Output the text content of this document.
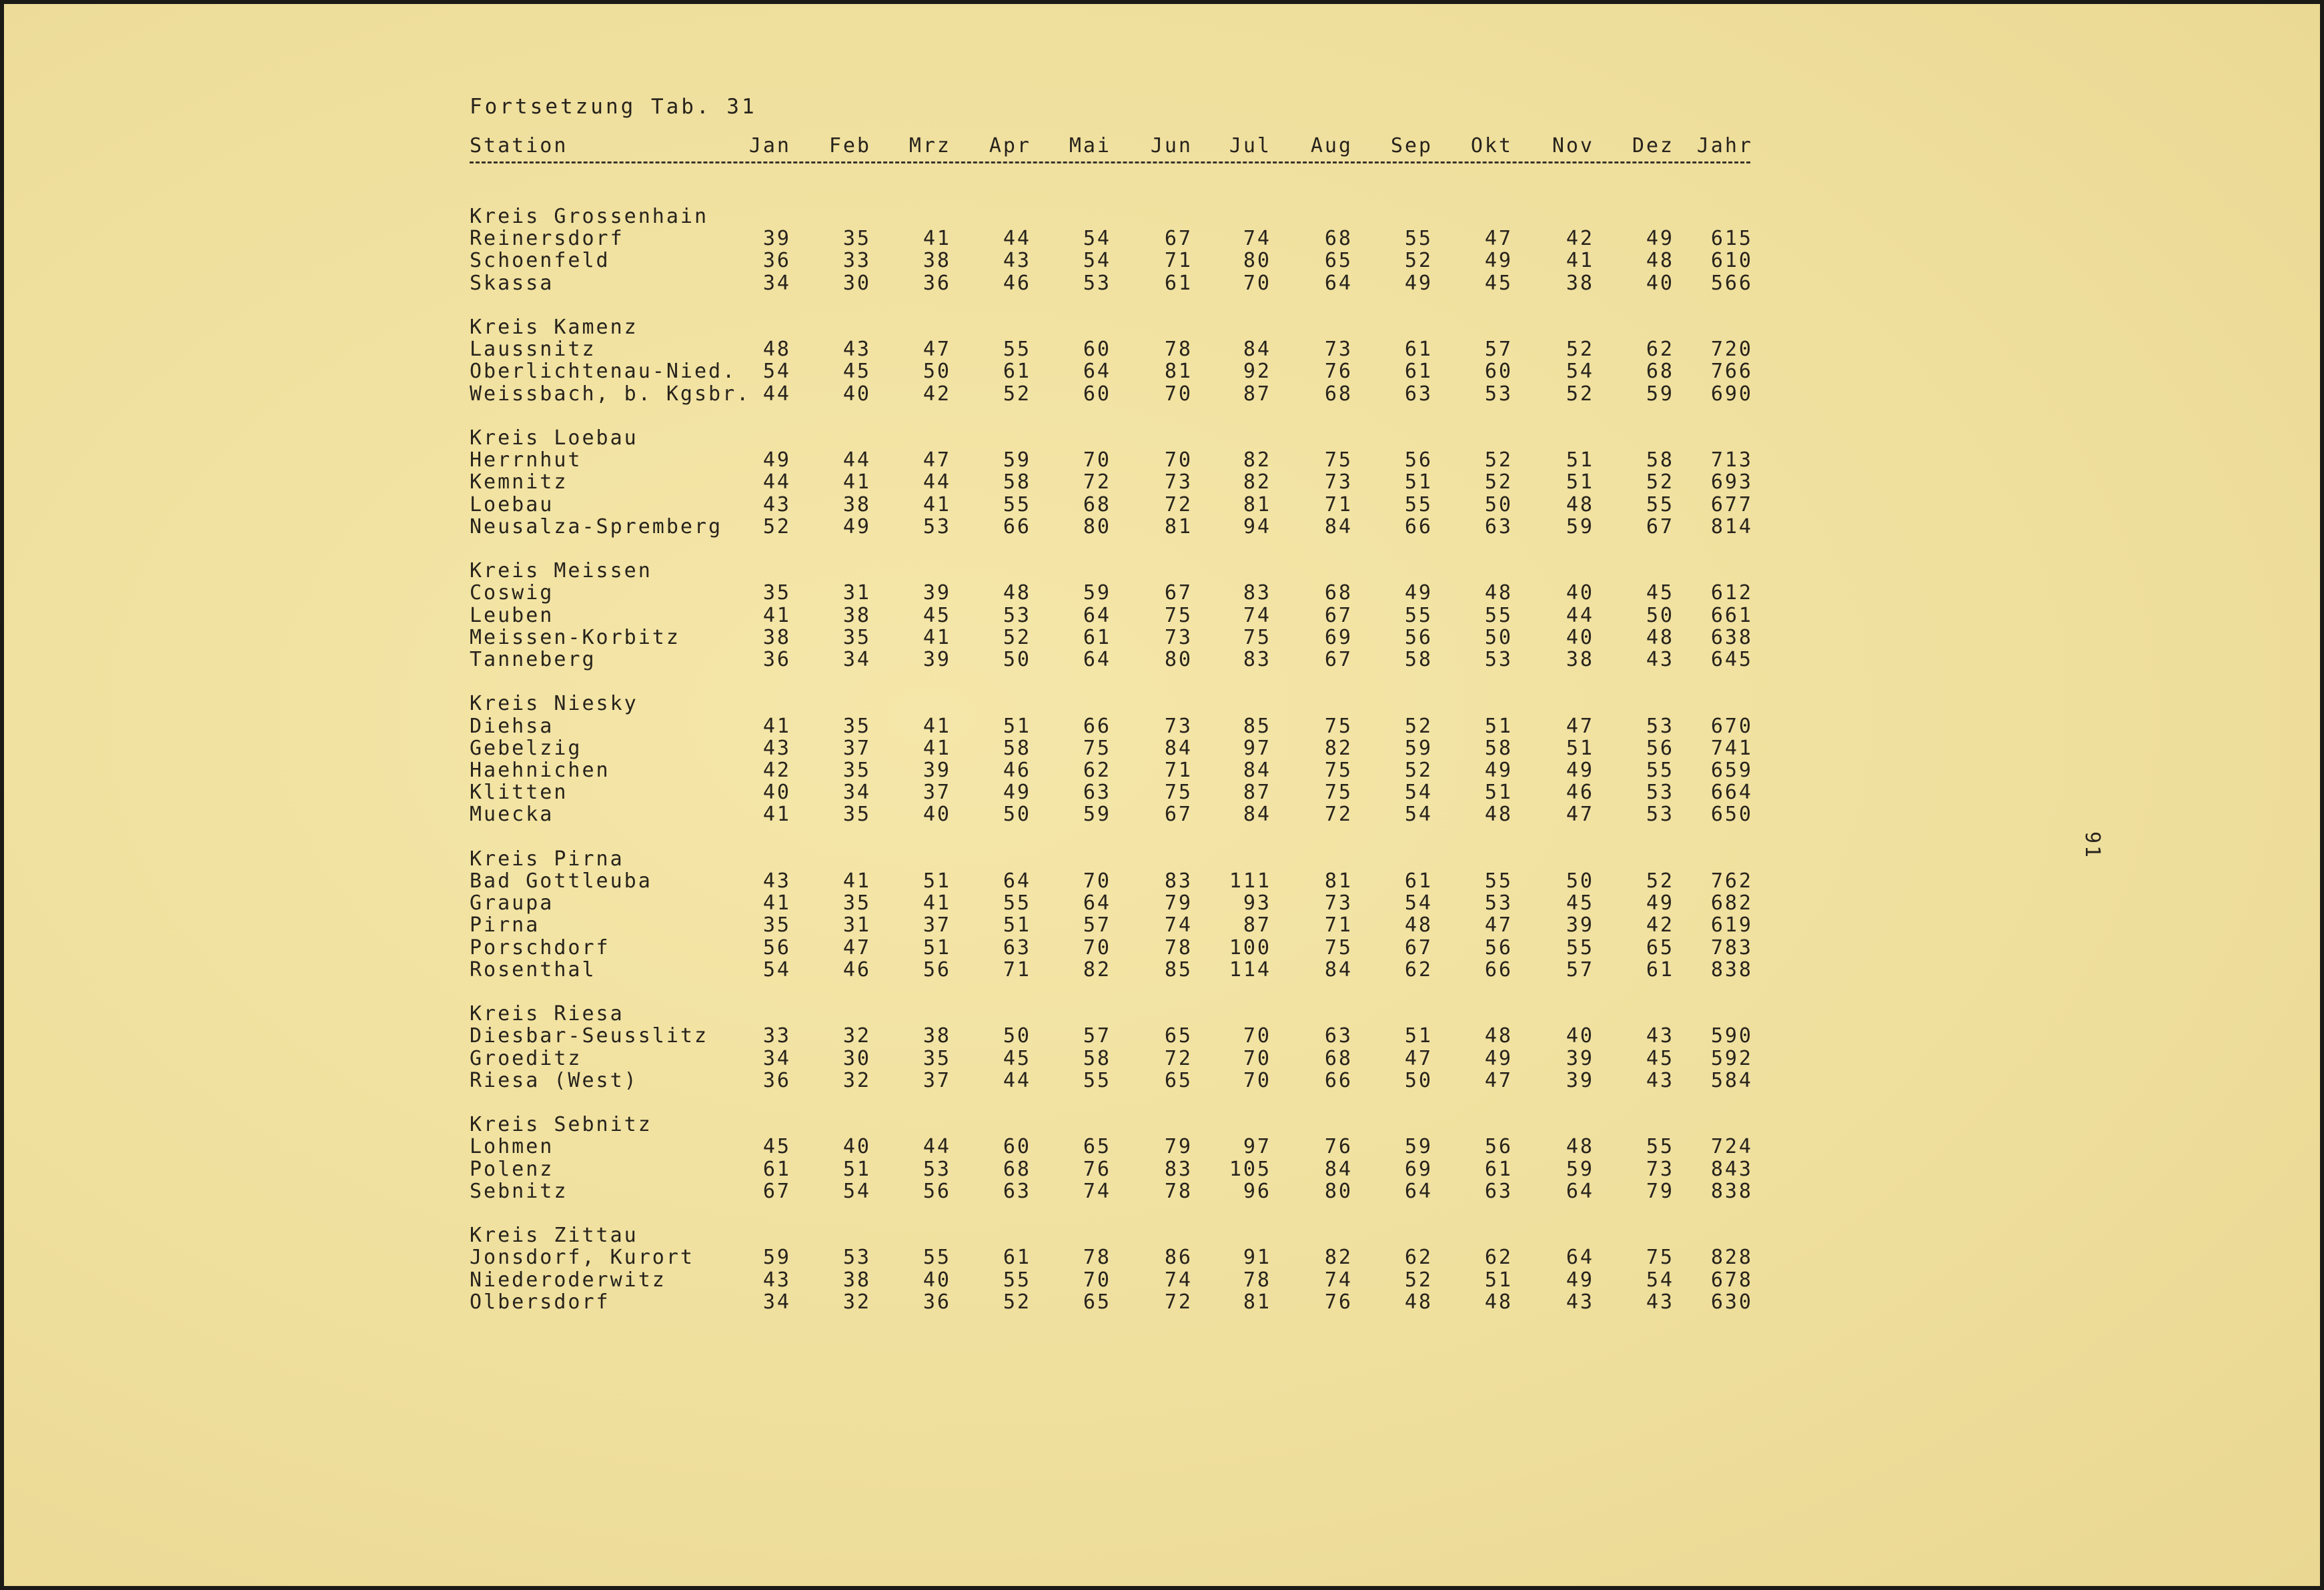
Fortsetzung Tab. 31
Station	Jan	Feb	Mrz	Apr	Mai	Jun	Jul	Aug	Sep	Okt	Nov	Dez	Jahr
Kreis Grossenhain
Reinersdorf	39	35	41	44	54	67	74	68	55	47	42	49	615
Schoenfeld	36	33	38	43	54	71	80	65	52	49	41	48	610
Skassa	34	30	36	46	53	61	70	64	49	45	38	40	566
Kreis Kamenz
Laussnitz	48	43	47	55	60	78	84	73	61	57	52	62	720
Oberlichtenau-Nied.	54	45	50	61	64	81	92	76	61	60	54	68	766
Weissbach, b. Kgsbr. 44	40	42	52	60	70	87	68	63	53	52	59	690
Kreis Loebau
Herrnhut	49	44	47	59	70	70	82	75	56	52	51	58	713
Kemnitz	44	41	44	58	72	73	82	73	51	52	51	52	693
Loebau	43	38	41	55	68	72	81	71	55	50	48	55	677
Neusalza-Spremberg	52	49	53	66	80	81	94	84	66	63	59	67	814
Kreis Meissen
Coswig	35	31	39	48	59	67	83	68	49	48	40	45	612
Leuben	41	38	45	53	64	75	74	67	55	55	44	50	661
Meissen-Korbitz	38	35	41	52	61	73	75	69	56	50	40	48	638
Tanneberg	36	34	39	50	64	80	83	67	58	53	38	43	645
Kreis Niesky
Diehsa	41	35	41	51	66	73	85	75	52	51	47	53	670
Gebelzig	43	37	41	58	75	84	97	82	59	58	51	56	741
Haehnichen	42	35	39	46	62	71	84	75	52	49	49	55	659
Klitten	40	34	37	49	63	75	87	75	54	51	46	53	664
Muecka	41	35	40	50	59	67	84	72	54	48	47	53	650
Kreis Pirna
Bad Gottleuba	43	41	51	64	70	83	111	81	61	55	50	52	762
Graupa	41	35	41	55	64	79	93	73	54	53	45	49	682
Pirna	35	31	37	51	57	74	87	71	48	47	39	42	619
Porschdorf	56	47	51	63	70	78	100	75	67	56	55	65	783
Rosenthal	54	46	56	71	82	85	114	84	62	66	57	61	838
Kreis Riesa
Diesbar-Seusslitz	33	32	38	50	57	65	70	63	51	48	40	43	590
Groeditz	34	30	35	45	58	72	70	68	47	49	39	45	592
Riesa (West)	36	32	37	44	55	65	70	66	50	47	39	43	584
Kreis Sebnitz
Lohmen	45	40	44	60	65	79	97	76	59	56	48	55	724
Polenz	61	51	53	68	76	83	105	84	69	61	59	73	843
Sebnitz	67	54	56	63	74	78	96	80	64	63	64	79	838
Kreis Zittau
Jonsdorf, Kurort	59	53	55	61	78	86	91	82	62	62	64	75	828
Niederoderwitz	43	38	40	55	70	74	78	74	52	51	49	54	678
Olbersdorf	34	32	36	52	65	72	81	76	48	48	43	43	630
91
